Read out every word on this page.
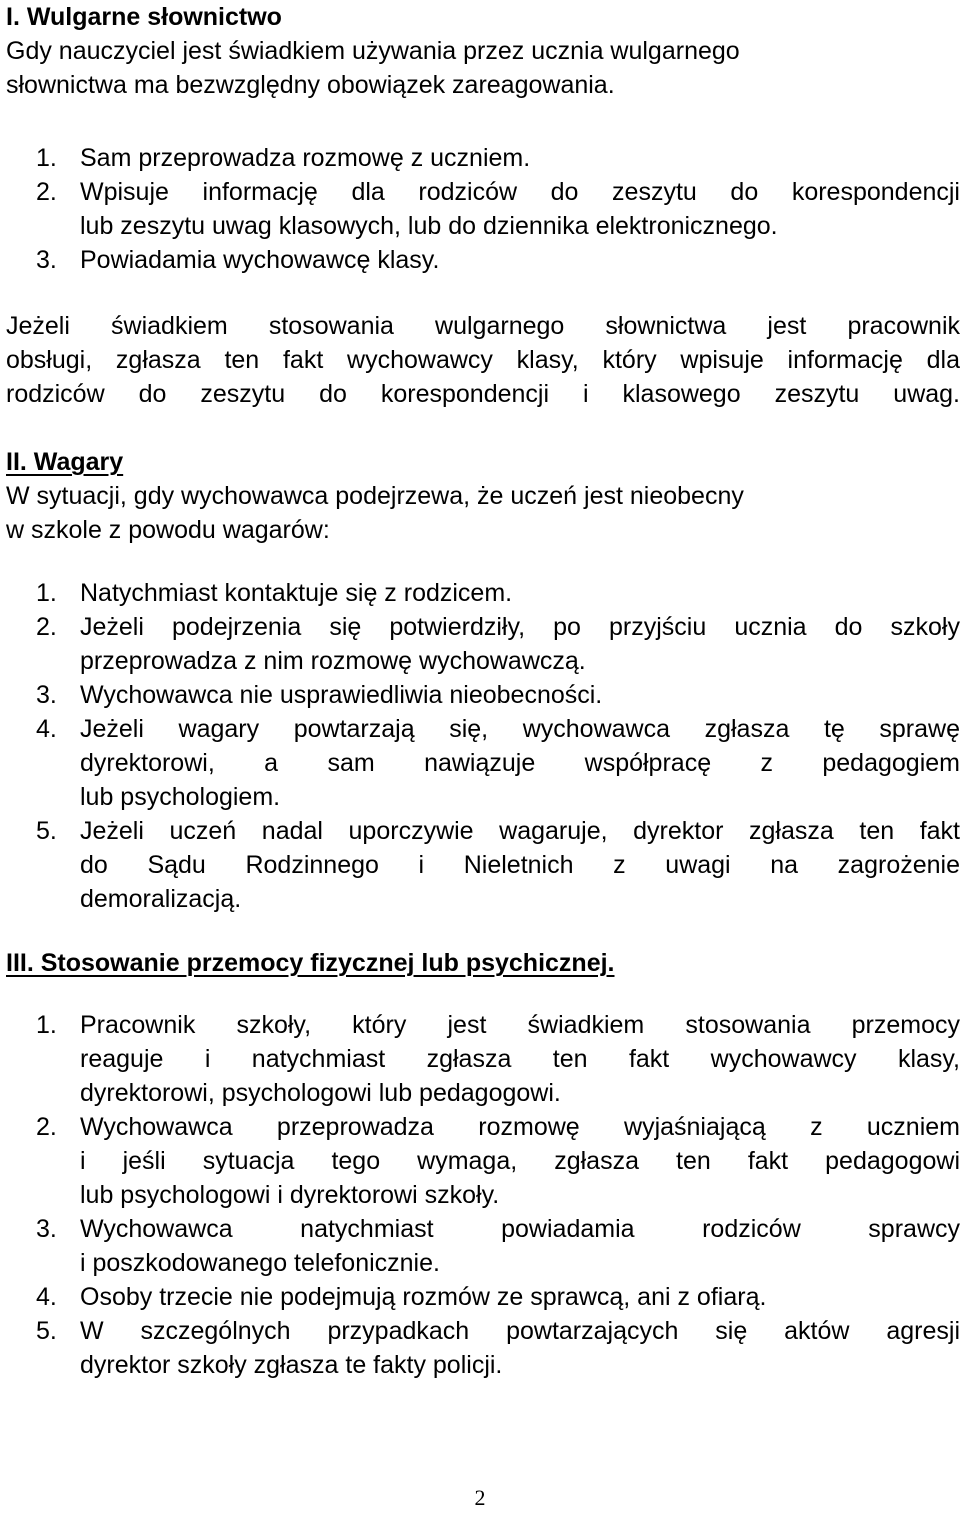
I. Wulgarne słownictwo
Gdy nauczyciel jest świadkiem używania przez ucznia wulgarnego
słownictwa ma bezwzględny obowiązek zareagowania.
1. Sam przeprowadza rozmowę z uczniem.
2. Wpisuje informację dla rodziców do zeszytu do korespondencji
lub zeszytu uwag klasowych, lub do dziennika elektronicznego.
3. Powiadamia wychowawcę klasy.
Jeżeli świadkiem stosowania wulgarnego słownictwa jest pracownik
obsługi, zgłasza ten fakt wychowawcy klasy, który wpisuje informację dla
rodziców do zeszytu do korespondencji i klasowego zeszytu uwag.
II. Wagary
W sytuacji, gdy wychowawca podejrzewa, że uczeń jest nieobecny
w szkole z powodu wagarów:
1. Natychmiast kontaktuje się z rodzicem.
2. Jeżeli podejrzenia się potwierdziły, po przyjściu ucznia do szkoły
przeprowadza z nim rozmowę wychowawczą.
3. Wychowawca nie usprawiedliwia nieobecności.
4. Jeżeli wagary powtarzają się, wychowawca zgłasza tę sprawę
dyrektorowi, a sam nawiązuje współpracę z pedagogiem
lub psychologiem.
5. Jeżeli uczeń nadal uporczywie wagaruje, dyrektor zgłasza ten fakt
do Sądu Rodzinnego i Nieletnich z uwagi na zagrożenie
demoralizacją.
III. Stosowanie przemocy fizycznej lub psychicznej.
1. Pracownik szkoły, który jest świadkiem stosowania przemocy
reaguje i natychmiast zgłasza ten fakt wychowawcy klasy,
dyrektorowi, psychologowi lub pedagogowi.
2. Wychowawca przeprowadza rozmowę wyjaśniającą z uczniem
i jeśli sytuacja tego wymaga, zgłasza ten fakt pedagogowi
lub psychologowi i dyrektorowi szkoły.
3. Wychowawca natychmiast powiadamia rodziców sprawcy
i poszkodowanego telefonicznie.
4. Osoby trzecie nie podejmują rozmów ze sprawcą, ani z ofiarą.
5. W szczególnych przypadkach powtarzających się aktów agresji
dyrektor szkoły zgłasza te fakty policji.
2
